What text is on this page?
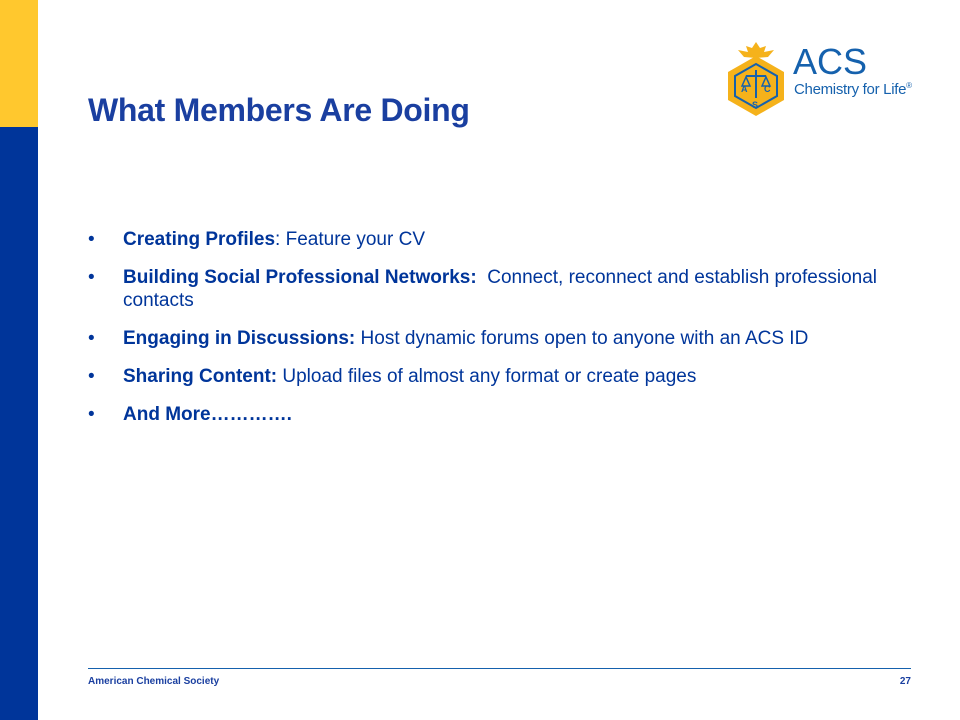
A C
S
ACS
Chemistry for Life®
What Members Are Doing
• Creating Profiles: Feature your CV
• Building Social Professional Networks:  Connect, reconnect and establish professional contacts
• Engaging in Discussions: Host dynamic forums open to anyone with an ACS ID
• Sharing Content: Upload files of almost any format or create pages
• And More………….
American Chemical Society	27
